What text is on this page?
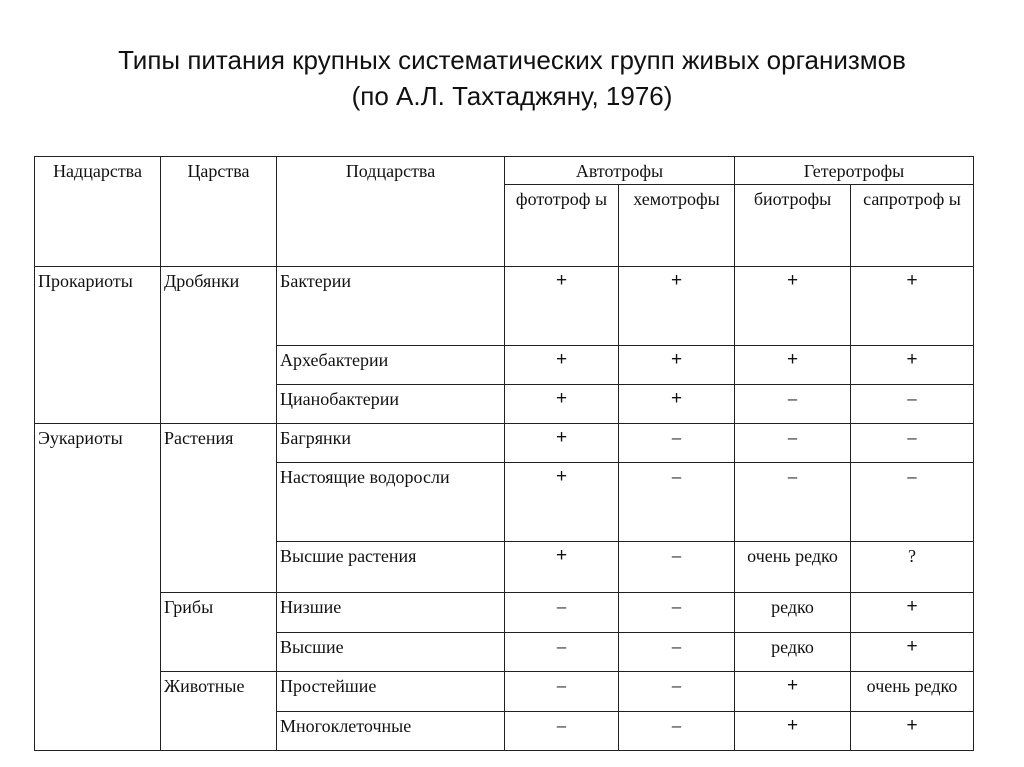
Типы питания крупных систематических групп живых организмов
(по А.Л. Тахтаджяну, 1976)
Надцарства	Царства	Подцарства	Автотрофы		Гетеротрофы	
			фототроф ы	хемотрофы	биотрофы	сапротроф ы
Прокариоты	Дробянки	Бактерии	+	+	+	+
		Архебактерии	+	+	+	+
		Цианобактерии	+	+	–	–
Эукариоты	Растения	Багрянки	+	–	–	–
		Настоящие водоросли	+	–	–	–
		Высшие растения	+	–	очень редко	?
	Грибы	Низшие	–	–	редко	+
		Высшие	–	–	редко	+
	Животные	Простейшие	–	–	+	очень редко
		Многоклеточные	–	–	+	+
